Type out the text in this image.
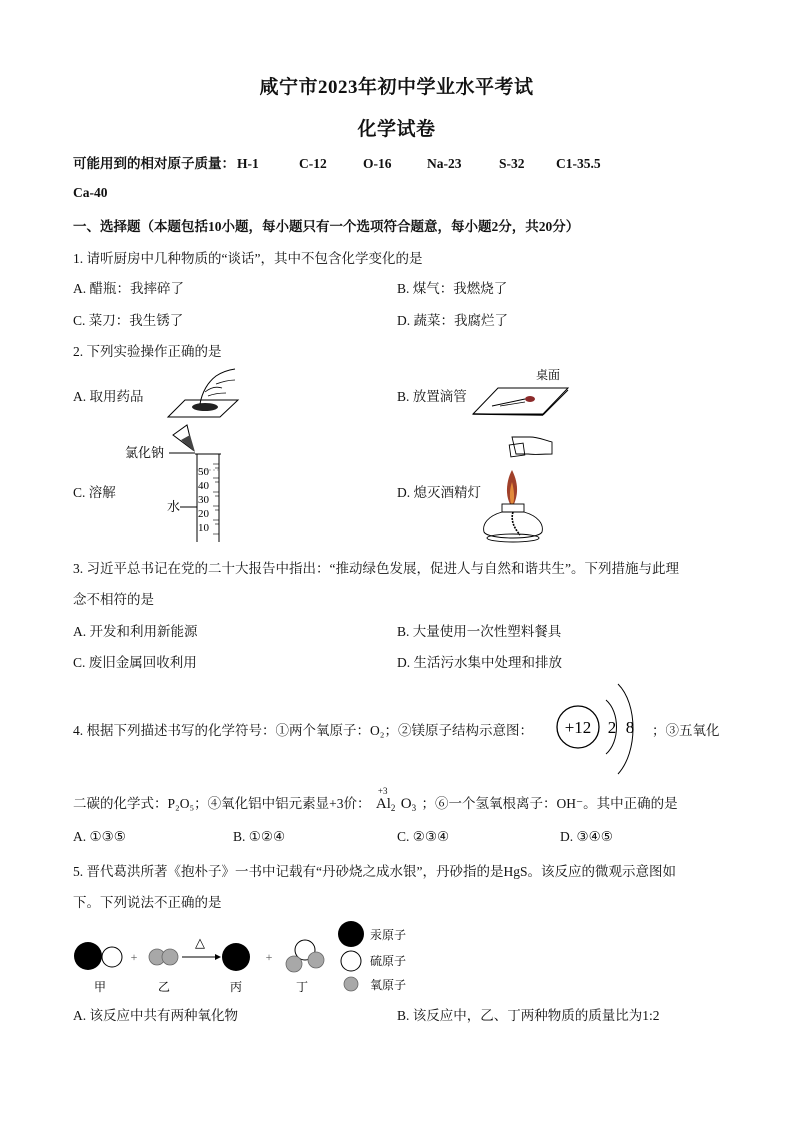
咸宁市2023年初中学业水平考试
化学试卷
可能用到的相对原子质量： H-1	C-12	O-16	Na-23	S-32 C1-35.5
Ca-40
一、选择题（本题包括10小题，每小题只有一个选项符合题意，每小题2分，共20分）
1. 请听厨房中几种物质的“谈话”，其中不包含化学变化的是
A. 醋瓶：我摔碎了	B. 煤气：我燃烧了
C. 菜刀：我生锈了	D. 蔬菜：我腐烂了
2. 下列实验操作正确的是
A. 取用药品	B. 放置滴管
C. 溶解	D. 熄灭酒精灯
桌面
氯化钠
50
40
30
20
10
水
3. 习近平总书记在党的二十大报告中指出：“推动绿色发展，促进人与自然和谐共生”。下列措施与此理
念不相符的是
A. 开发和利用新能源	B. 大量使用一次性塑料餐具
C. 废旧金属回收利用	D. 生活污水集中处理和排放
4. 根据下列描述书写的化学符号：①两个氧原子：O₂；②镁原子结构示意图： +12 2 8 ；③五氧化
二碳的化学式：P₂O₅；④氧化铝中铝元素显+3价：
+3
$Al_2$ $O_3$ ；⑥一个氢氧根离子：OH⁻。其中正确的是
A. ①③⑤	B. ①②④	C. ②③④	D. ③④⑤
5. 晋代葛洪所著《抱朴子》一书中记载有“丹砂烧之成水银”，丹砂指的是HgS。该反应的微观示意图如
下。下列说法不正确的是
+
△
+
甲	乙	丙	丁
汞原子
硫原子
氧原子
A. 该反应中共有两种氧化物	B. 该反应中，乙、丁两种物质的质量比为1:2
